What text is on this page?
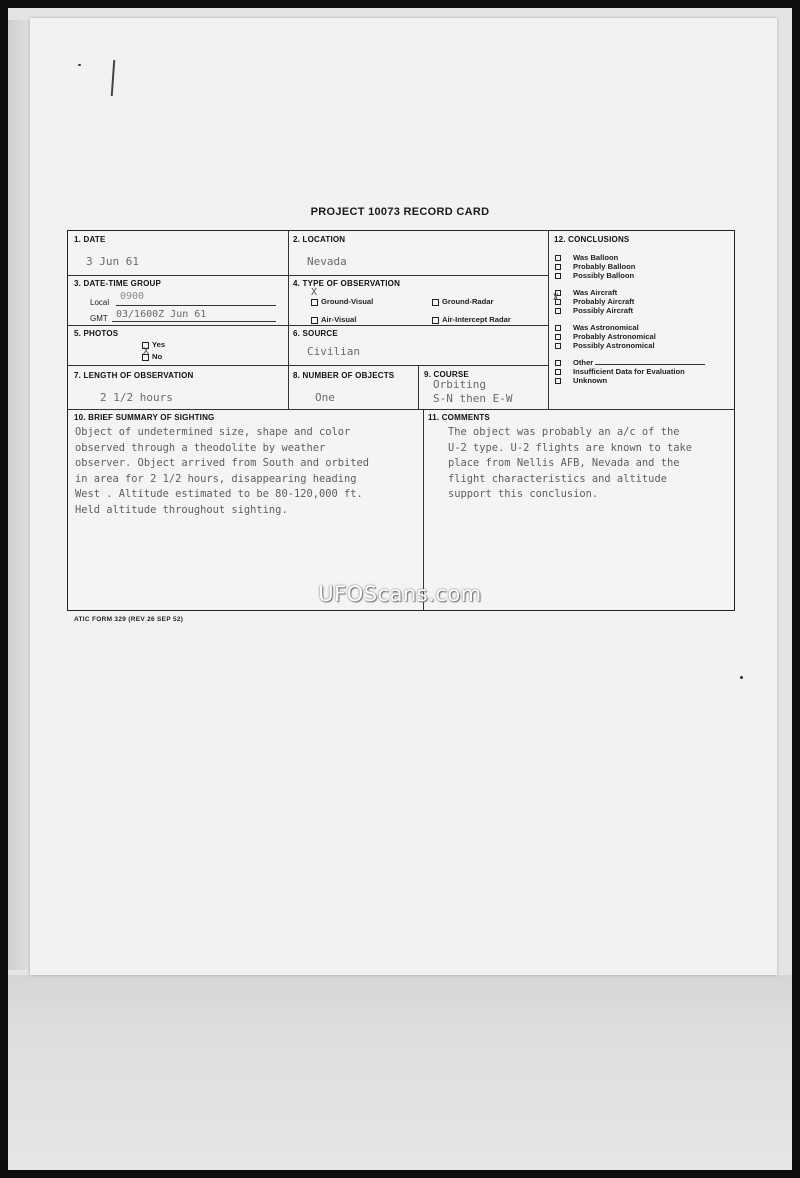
PROJECT 10073 RECORD CARD
1. DATE
3 Jun 61
2. LOCATION
Nevada
3. DATE-TIME GROUP
Local
0900
GMT 03/1600Z Jun 61
4. TYPE OF OBSERVATION
Ground-Visual
X
Ground-Radar
Air-Visual	Air-Intercept Radar
5. PHOTOS
Yes
No
X
6. SOURCE
Civilian
7. LENGTH OF OBSERVATION
2 1/2 hours
8. NUMBER OF OBJECTS
One
9. COURSE
Orbiting
S-N then E-W
12. CONCLUSIONS
Was Balloon
Probably Balloon
Possibly Balloon
Was Aircraft
Probably Aircraft
X
Possibly Aircraft
Was Astronomical
Probably Astronomical
Possibly Astronomical
Other
Insufficient Data for Evaluation
Unknown
10. BRIEF SUMMARY OF SIGHTING
Object of undetermined size, shape and color
observed through a theodolite by weather
observer. Object arrived from South and orbited
in area for 2 1/2 hours, disappearing heading
West . Altitude estimated to be 80-120,000 ft.
Held altitude throughout sighting.
11. COMMENTS
The object was probably an a/c of the
U-2 type. U-2 flights are known to take
place from Nellis AFB, Nevada and the
flight characteristics and altitude
support this conclusion.
ATIC FORM 329 (REV 26 SEP 52)
UFOScans.com
